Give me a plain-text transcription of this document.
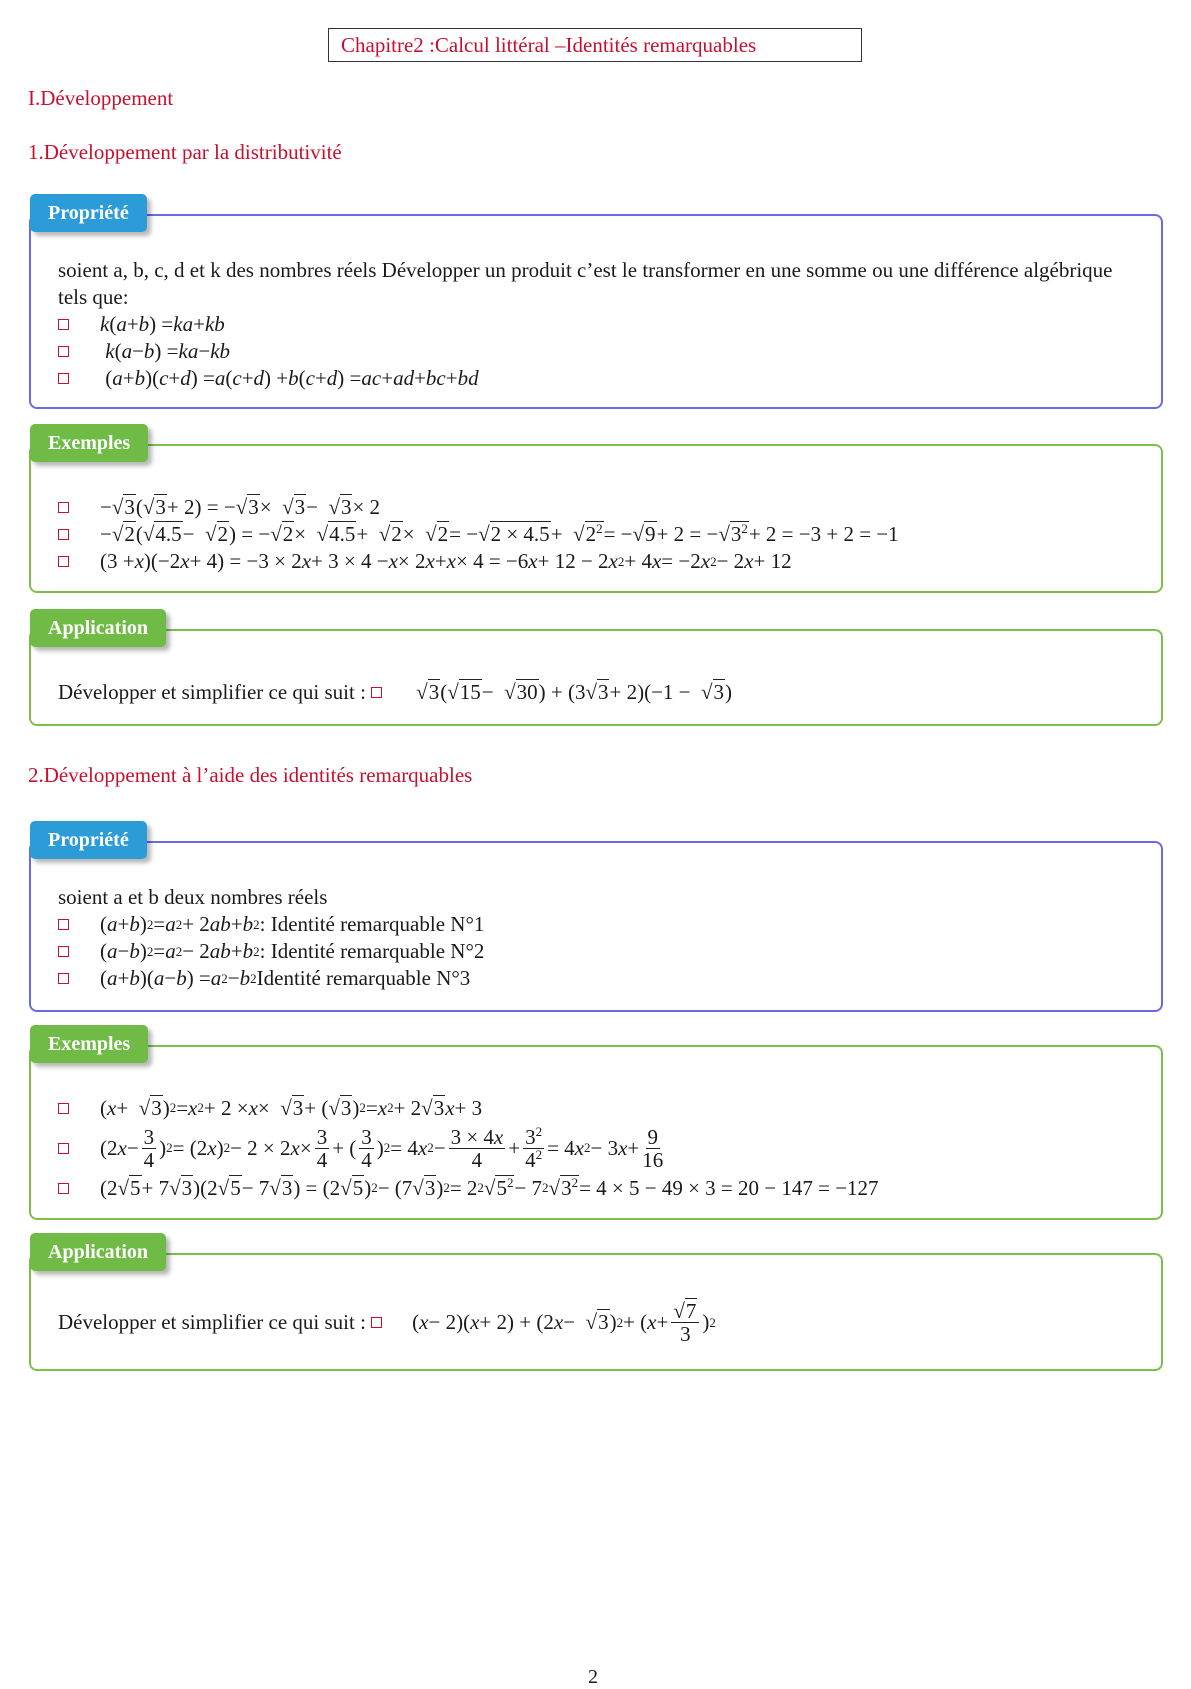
Chapitre2 :Calcul littéral –Identités remarquables
I.Développement
1.Développement par la distributivité
Propriété
soient a, b, c, d et k des nombres réels Développer un produit c’est le transformer en une somme ou une différence algébrique tels que:
k ( a + b ) = ka + kb

k ( a − b ) = ka − kb
( a + b )( c + d ) = a ( c + d ) + b ( c + d ) = ac + ad + bc + bd
Exemples
− √ 3 ( √ 3 + 2) = − √ 3 × √ 3 − √ 3 × 2
− √ 2 ( √ 4.5 − √ 2 ) = − √ 2 × √ 4.5 + √ 2 × √ 2 = − √ 2 × 4.5 + √ $2^2$ = − √ 9 + 2 = − √ $3^2 + 2 = -3 + 2 = -1$
(3 + x )(−2 x + 4) = −3 × 2 x + 3 × 4 − x × 2 x + x × 4 = −6 x + 12 − 2 x 2 + 4 x = −2 x 2 − 2 x + 12
Application
Développer et simplifier ce qui suit :
	√ 3 ( √ 15 − √ 30 ) + (3 √ 3 + 2)(−1 − √ 3 )
2.Développement à l’aide des identités remarquables
Propriété
soient a et b deux nombres réels
( a + b ) 2 = a 2 + 2 ab + b 2 : Identité remarquable N°1
( a − b ) 2 = a 2 − 2 ab + b 2 : Identité remarquable N°2
( a + b )( a − b ) = a 2 − b 2 Identité remarquable N°3
Exemples
( x + √ 3 ) 2 = x 2 + 2 × x × √ 3 + ( √ 3 ) 2 = x 2 + 2 √ 3 x + 3
(2 $x - \frac{3}{4}$ ) 2 = (2 x ) 2 − 2 × 2 $x \times \frac{3}{4}$ + ( $\frac{3}{4}$ ) 2 = 4 x $2 - \frac{3 \times 4x}{4} + \frac{3^2}{4^2} = 4$ x 2 − 3 $x + \frac{9}{16}$
(2 √ 5 + 7 √ 3 )(2 √ 5 − 7 √ 3 ) = (2 √ 5 ) 2 − (7 √ 3 ) 2 = 2 2 √ $5^2 - 7$ 2 √ $3^2 = 4 \times 5 - 49 \times 3 = 20 - 147 = -127$
Application
Développer et simplifier ce qui suit :
( x − 2)( x + 2) + (2 x − √ 3 ) 2 + ( x + √ $\frac{7}{3}$ ) 2
2
